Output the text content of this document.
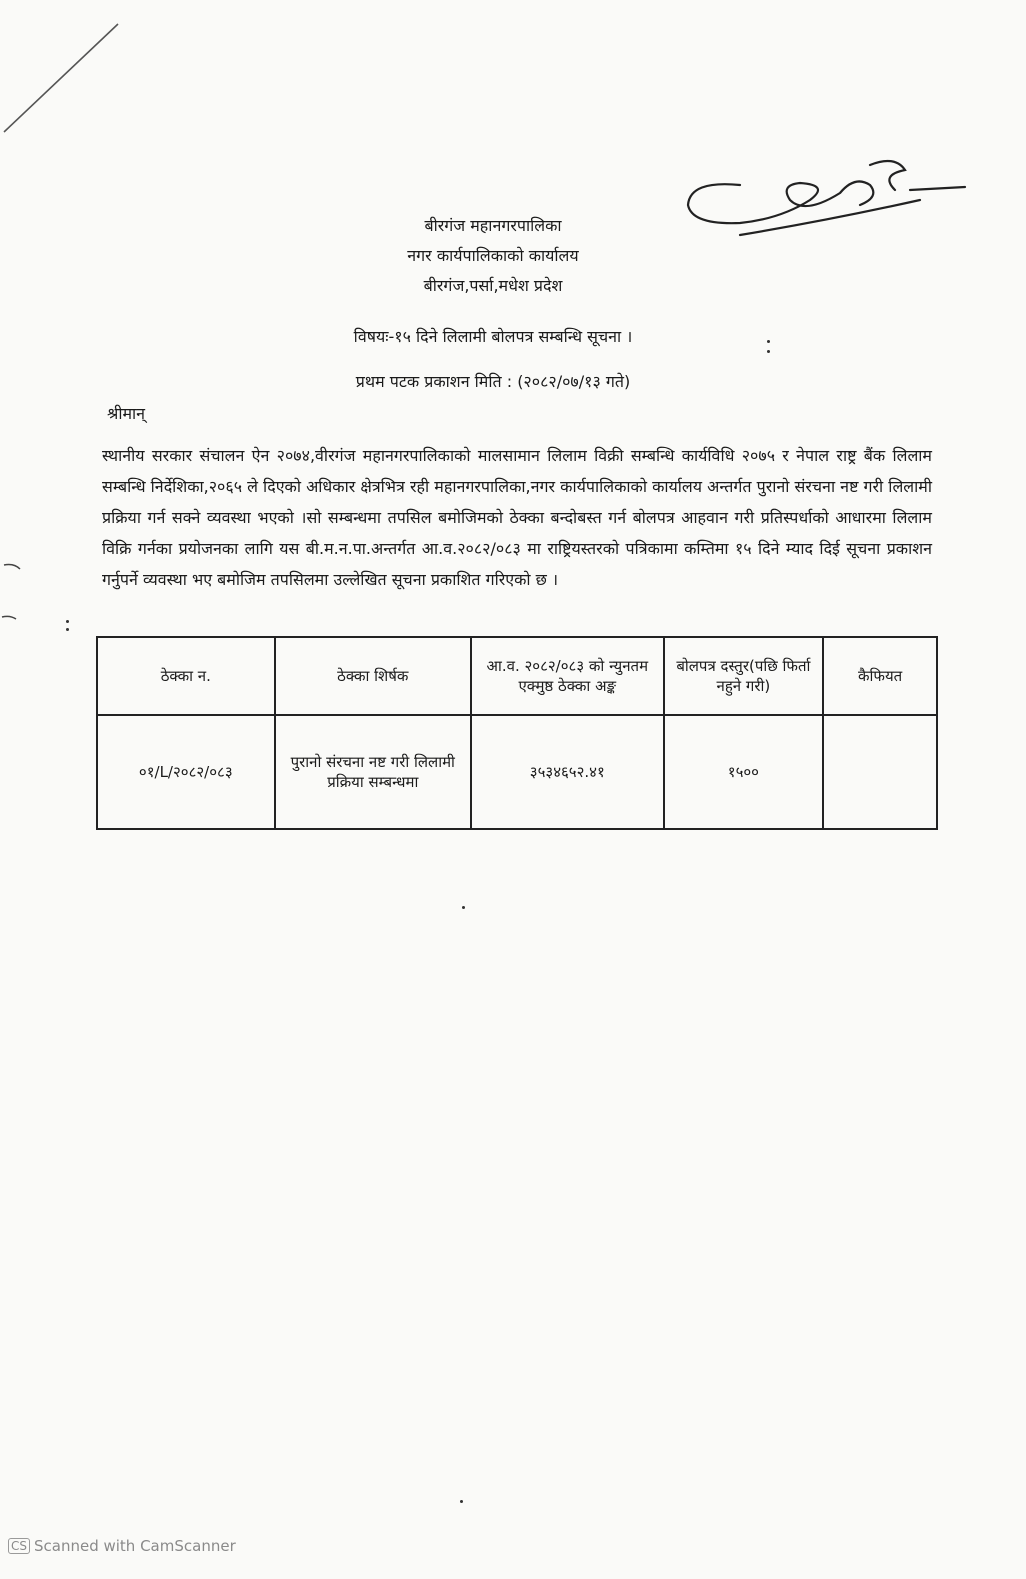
बीरगंज महानगरपालिका
नगर कार्यपालिकाको कार्यालय
बीरगंज,पर्सा,मधेश प्रदेश
विषयः-१५ दिने लिलामी बोलपत्र सम्बन्धि सूचना ।
प्रथम पटक प्रकाशन मिति : (२०८२/०७/१३ गते)
श्रीमान्
स्थानीय सरकार संचालन ऐन २०७४,वीरगंज महानगरपालिकाको मालसामान लिलाम विक्री सम्बन्धि कार्यविधि २०७५ र नेपाल राष्ट्र बैंक लिलाम सम्बन्धि निर्देशिका,२०६५ ले दिएको अधिकार क्षेत्रभित्र रही महानगरपालिका,नगर कार्यपालिकाको कार्यालय अन्तर्गत पुरानो संरचना नष्ट गरी लिलामी प्रक्रिया गर्न सक्ने व्यवस्था भएको ।सो सम्बन्धमा तपसिल बमोजिमको ठेक्का बन्दोबस्त गर्न बोलपत्र आहवान गरी प्रतिस्पर्धाको आधारमा लिलाम विक्रि गर्नका प्रयोजनका लागि यस बी.म.न.पा.अन्तर्गत आ.व.२०८२/०८३ मा राष्ट्रियस्तरको पत्रिकामा कम्तिमा १५ दिने म्याद दिई सूचना प्रकाशन गर्नुपर्ने व्यवस्था भए बमोजिम तपसिलमा उल्लेखित सूचना प्रकाशित गरिएको छ ।
ठेक्का न.	ठेक्का शिर्षक	आ.व. २०८२/०८३ को न्युनतम एक्मुष्ठ ठेक्का अङ्क	बोलपत्र दस्तुर(पछि फिर्ता नहुने गरी)	कैफियत
०१/L/२०८२/०८३	पुरानो संरचना नष्ट गरी लिलामी प्रक्रिया सम्बन्धमा	३५३४६५२.४१	१५००	
CS Scanned with CamScanner
